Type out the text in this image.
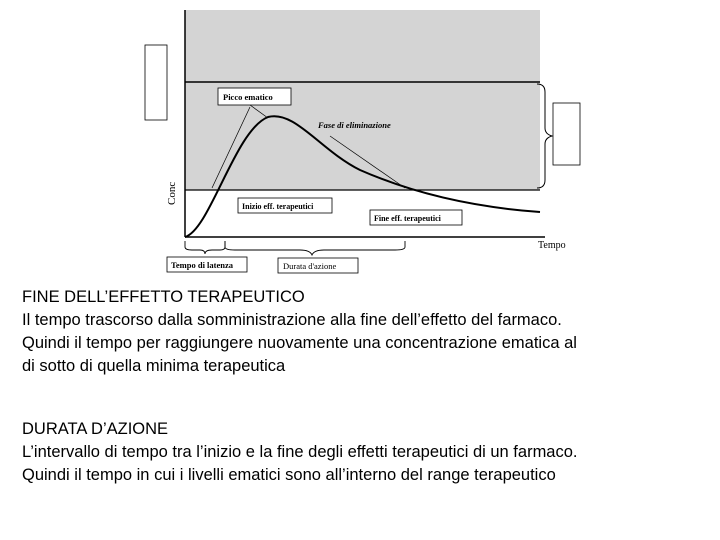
Conc
Picco ematico
Fase di eliminazione
Inizio eff. terapeutici
Fine eff. terapeutici
Tempo
Tempo di latenza	Durata d'azione
FINE DELL’EFFETTO TERAPEUTICO
Il tempo trascorso dalla somministrazione alla fine dell’effetto del farmaco.
Quindi il tempo per raggiungere nuovamente una concentrazione ematica al
di sotto di quella minima terapeutica
DURATA D’AZIONE
L’intervallo di tempo tra l’inizio e la fine degli effetti terapeutici di un farmaco.
Quindi il tempo in cui i livelli ematici sono all’interno del range terapeutico
